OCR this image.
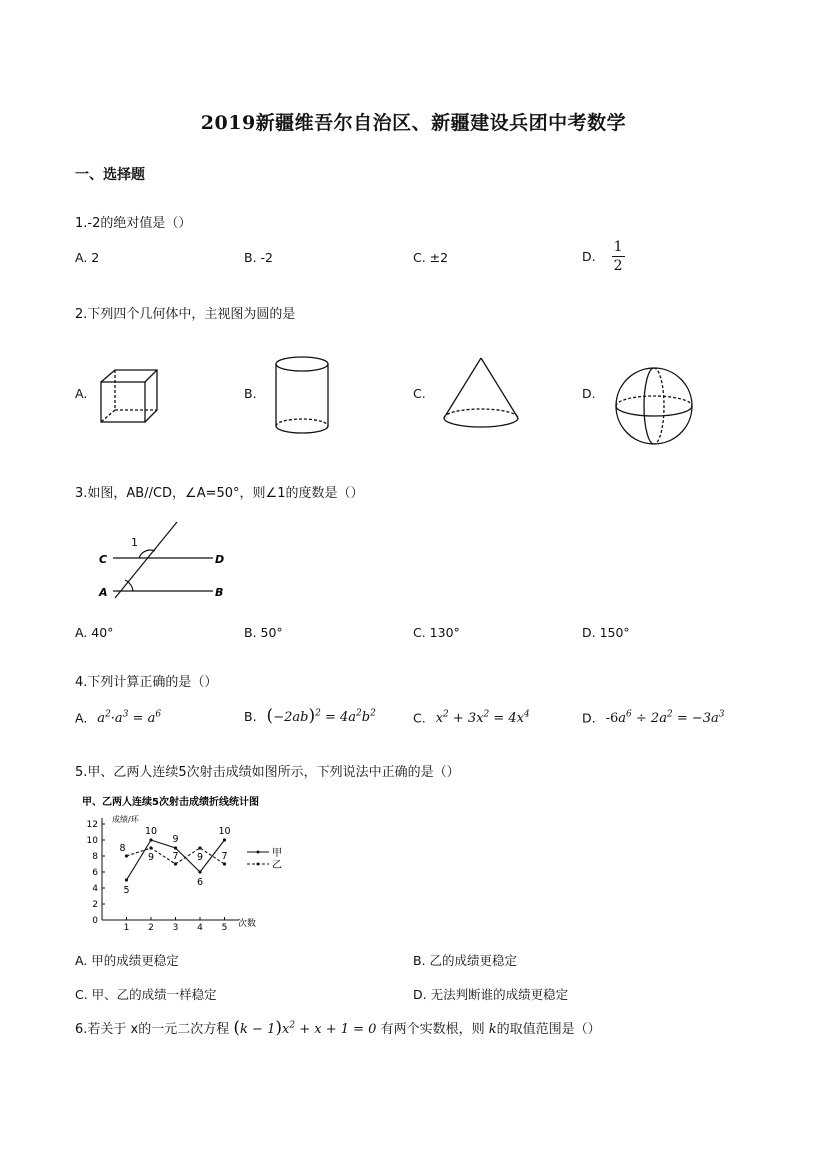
2019新疆维吾尔自治区、新疆建设兵团中考数学
一、选择题
1.-2的绝对值是（）
A. 2	B. -2	C. ±2	D. $\frac{1}{2}$
2.下列四个几何体中，主视图为圆的是
A.	B.	C.	D.
3.如图，AB//CD，∠A=50°，则∠1的度数是（）
C	D
A	B
1
A. 40°	B. 50°	C. 130°	D. 150°
4.下列计算正确的是（）
A. $a^2\cdot a^3 = a^6$	B. $(-2ab)^2 = 4a^2b^2$	C. $x^2 + 3x^2 = 4x^4$	D. $-6a^6 \div 2a^2 = -3a^3$
5.甲、乙两人连续5次射击成绩如图所示，下列说法中正确的是（）
甲、乙两人连续5次射击成绩折线统计图
成绩/环
次数
0
2
4
6
8
10
12
1 2 3 4 5
5
10
9
6
10
8
9 7 9 7	甲
乙
A. 甲的成绩更稳定	B. 乙的成绩更稳定
C. 甲、乙的成绩一样稳定	D. 无法判断谁的成绩更稳定
6.若关于 x的一元二次方程 $(k - 1)x^2 + x + 1 = 0$ 有两个实数根，则 k的取值范围是（）
